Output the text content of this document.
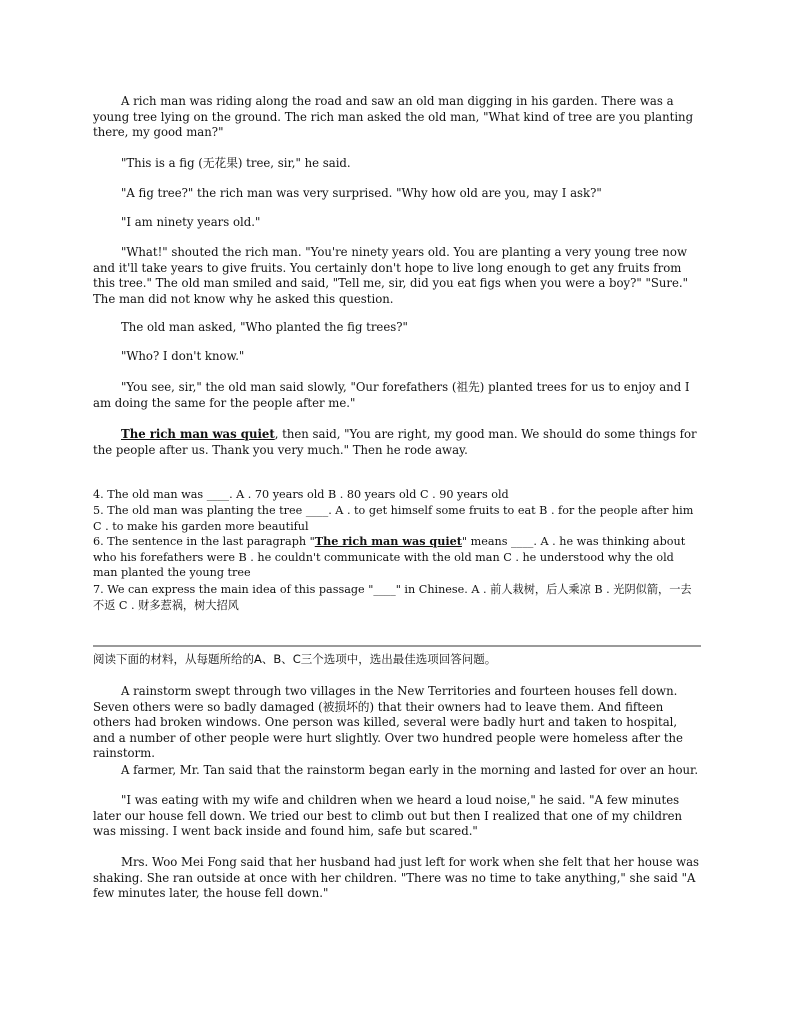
A rich man was riding along the road and saw an old man digging in his garden. There was a young tree lying on the ground. The rich man asked the old man, "What kind of tree are you planting there, my good man?"

"This is a fig (无花果) tree, sir," he said.

"A fig tree?" the rich man was very surprised. "Why how old are you, may I ask?"

"I am ninety years old."

"What!" shouted the rich man. "You're ninety years old. You are planting a very young tree now and it'll take years to give fruits. You certainly don't hope to live long enough to get any fruits from this tree." The old man smiled and said, "Tell me, sir, did you eat figs when you were a boy?" "Sure." The man did not know why he asked this question.

The old man asked, "Who planted the fig trees?"

"Who? I don't know."

"You see, sir," the old man said slowly, "Our forefathers (祖先) planted trees for us to enjoy and I am doing the same for the people after me."

The rich man was quiet, then said, "You are right, my good man. We should do some things for the people after us. Thank you very much." Then he rode away.

4. The old man was ____. A . 70 years old B . 80 years old C . 90 years old

5. The old man was planting the tree ____. A . to get himself some fruits to eat B . for the people after him C . to make his garden more beautiful

6. The sentence in the last paragraph "The rich man was quiet" means ____. A . he was thinking about who his forefathers were B . he couldn't communicate with the old man C . he understood why the old man planted the young tree

7. We can express the main idea of this passage "____" in Chinese. A . 前人栽树，后人乘凉 B . 光阴似箭，一去不返 C . 财多惹祸，树大招风

阅读下面的材料，从每题所给的A、B、C三个选项中，选出最佳选项回答问题。

A rainstorm swept through two villages in the New Territories and fourteen houses fell down. Seven others were so badly damaged (被损坏的) that their owners had to leave them. And fifteen others had broken windows. One person was killed, several were badly hurt and taken to hospital, and a number of other people were hurt slightly. Over two hundred people were homeless after the rainstorm.

A farmer, Mr. Tan said that the rainstorm began early in the morning and lasted for over an hour.

"I was eating with my wife and children when we heard a loud noise," he said. "A few minutes later our house fell down. We tried our best to climb out but then I realized that one of my children was missing. I went back inside and found him, safe but scared."

Mrs. Woo Mei Fong said that her husband had just left for work when she felt that her house was shaking. She ran outside at once with her children. "There was no time to take anything," she said "A few minutes later, the house fell down."
